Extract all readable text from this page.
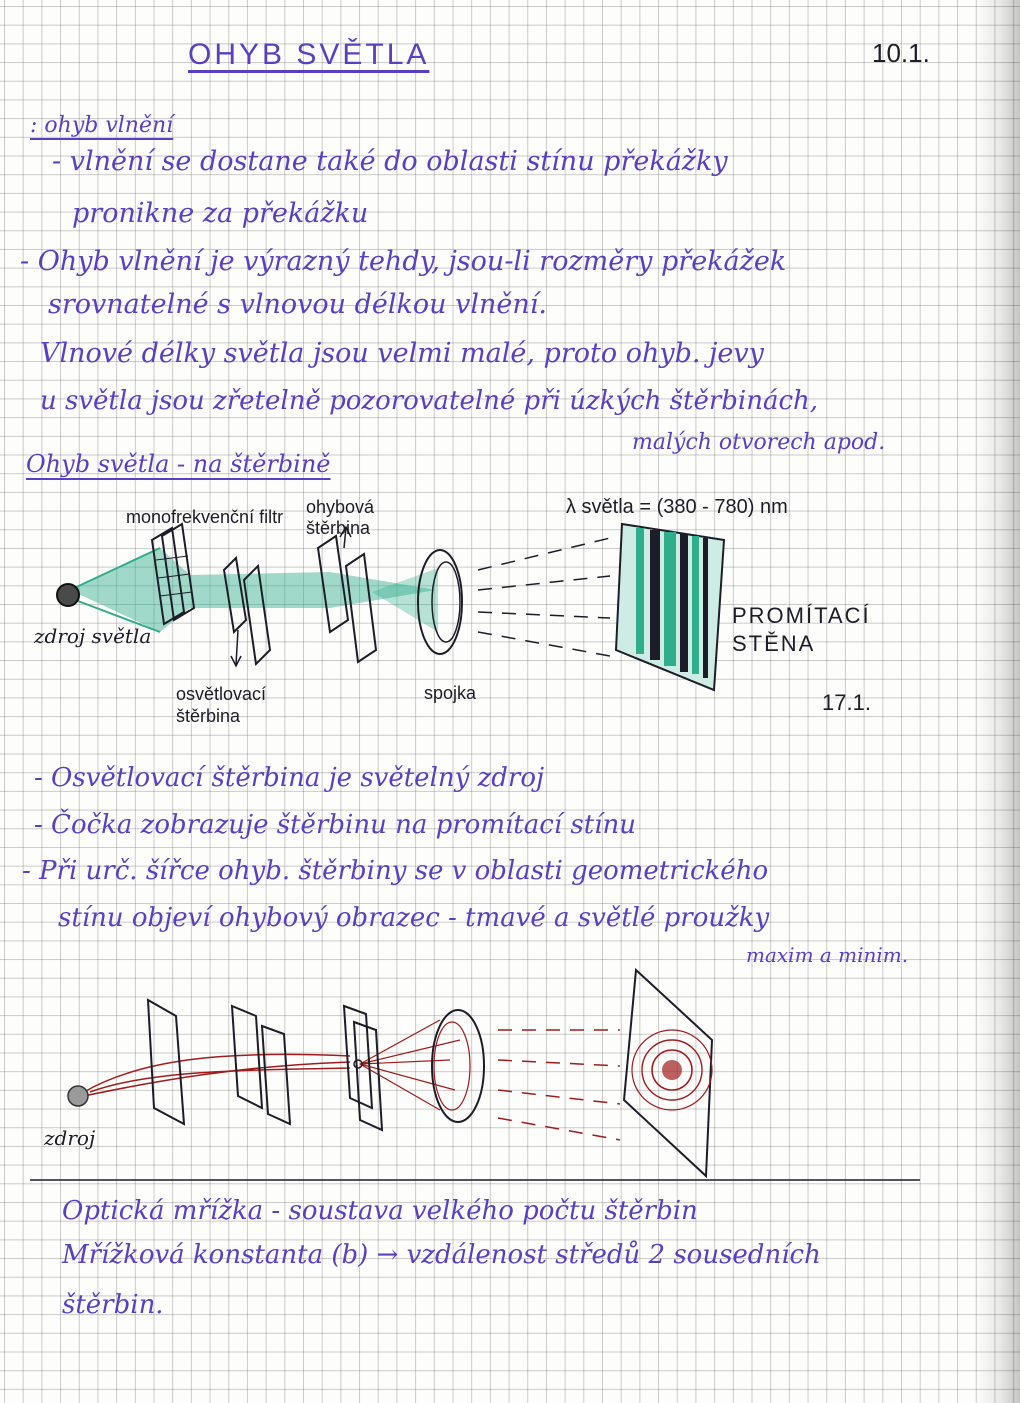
OHYB SVĚTLA	10.1.
: ohyb vlnění
- vlnění se dostane také do oblasti stínu překážky
pronikne za překážku
- Ohyb vlnění je výrazný tehdy, jsou-li rozměry překážek
srovnatelné s vlnovou délkou vlnění.
Vlnové délky světla jsou velmi malé, proto ohyb. jevy
u světla jsou zřetelně pozorovatelné při úzkých štěrbinách,
malých otvorech apod.
Ohyb světla - na štěrbině
monofrekvenční filtr ohybová štěrbina
λ světla = (380 - 780) nm
zdroj světla
osvětlovací štěrbina
spojka
PROMÍTACÍ STĚNA
17.1.
- Osvětlovací štěrbina je světelný zdroj
- Čočka zobrazuje štěrbinu na promítací stínu
- Při urč. šířce ohyb. štěrbiny se v oblasti geometrického
stínu objeví ohybový obrazec - tmavé a světlé proužky
maxim a minim.
zdroj
Optická mřížka - soustava velkého počtu štěrbin
Mřížková konstanta (b) → vzdálenost středů 2 sousedních
štěrbin.
